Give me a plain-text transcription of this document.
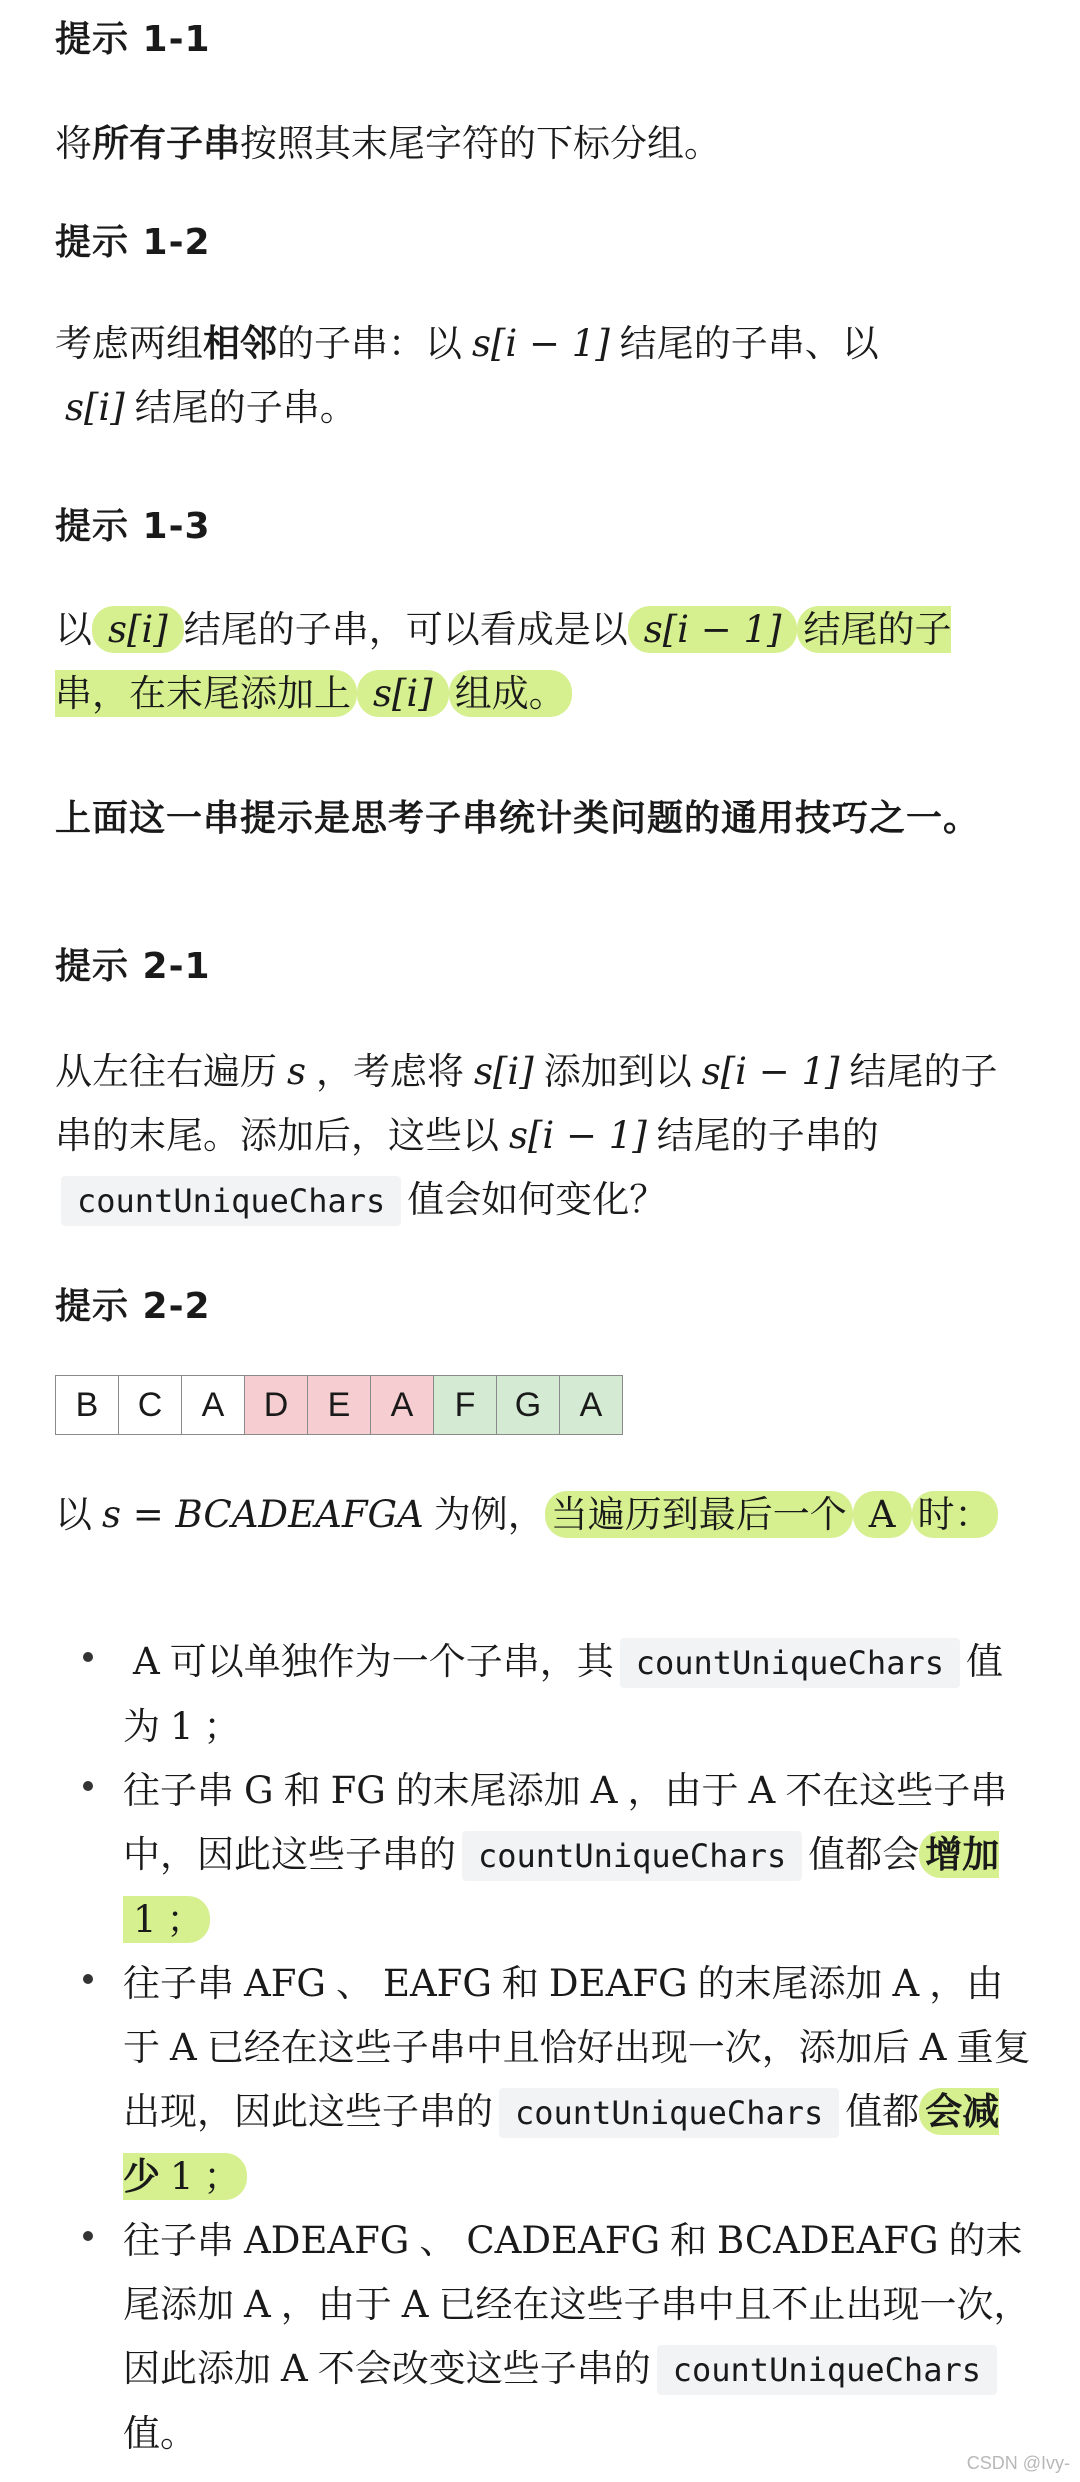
提示 1-1
将所有子串按照其末尾字符的下标分组。
提示 1-2
考虑两组相邻的子串：以 s[i − 1] 结尾的子串、以
s[i] 结尾的子串。
提示 1-3
以 s[i] 结尾的子串，可以看成是以 s[i − 1] 结尾的子串，在末尾添加上 s[i] 组成。
上面这一串提示是思考子串统计类问题的通用技巧之一。
提示 2-1
从左往右遍历 s ，考虑将 s[i] 添加到以 s[i − 1] 结尾的子串的末尾。添加后，这些以 s[i − 1] 结尾的子串的countUniqueChars 值会如何变化？
提示 2-2
B	C	A	D	E	A	F	G	A
以 s = BCADEAFGA 为例， 当遍历到最后一个 A 时：
A 可以单独作为一个子串，其 countUniqueChars 值为 1 ；
往子串 G 和 FG 的末尾添加 A ，由于 A 不在这些子串中，因此这些子串的 countUniqueChars 值都会 增加1 ；
往子串 AFG 、 EAFG 和 DEAFG 的末尾添加 A ，由于 A 已经在这些子串中且恰好出现一次，添加后 A 重复出现，因此这些子串的 countUniqueChars 值都 会减少 1 ；
往子串 ADEAFG 、 CADEAFG 和 BCADEAFG 的末尾添加 A ，由于 A 已经在这些子串中且不止出现一次，因此添加 A 不会改变这些子串的 countUniqueChars值。
CSDN @Ivy-
